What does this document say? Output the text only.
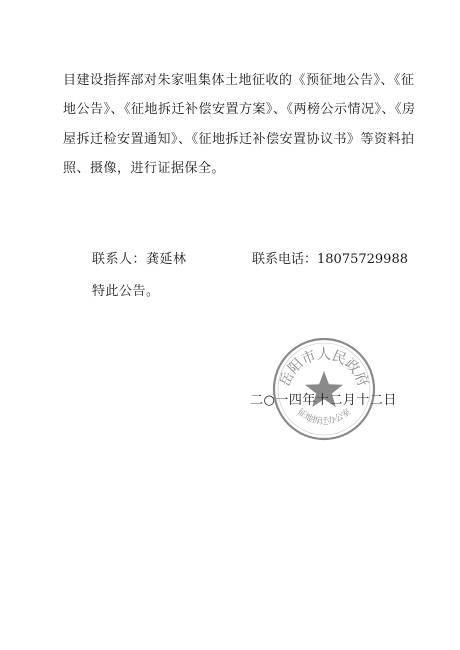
目建设指挥部对朱家咀集体土地征收的《预征地公告》、《征
地公告》、《征地拆迁补偿安置方案》、《两榜公示情况》、《房
屋拆迁检安置通知》、《征地拆迁补偿安置协议书》等资料拍
照、摄像，进行证据保全。
联系人：龚延林	联系电话：18075729988
特此公告。
岳阳市人民政府
征地拆迁办公室
二○一四年十二月十二日
